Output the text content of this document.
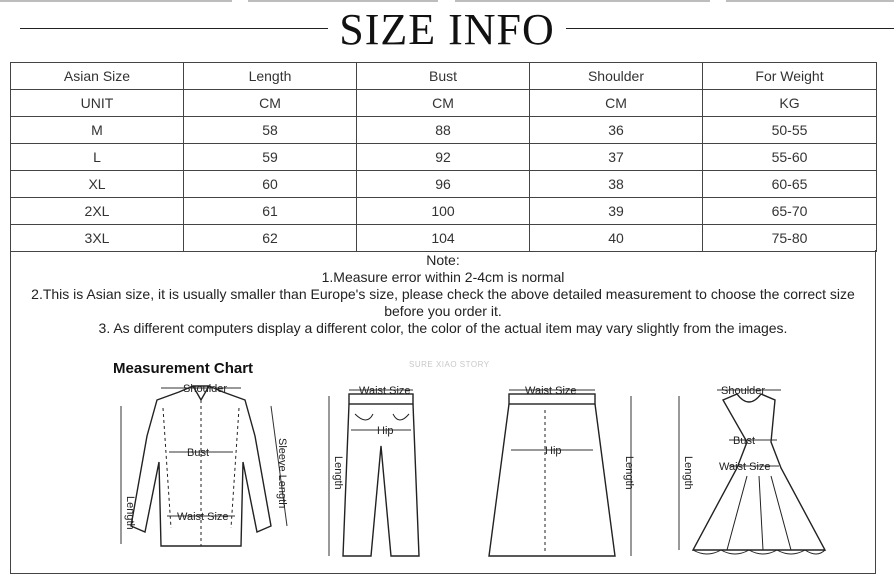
SIZE INFO
Asian Size	Length	Bust	Shoulder	For Weight
UNIT	CM	CM	CM	KG
M	58	88	36	50-55
L	59	92	37	55-60
XL	60	96	38	60-65
2XL	61	100	39	65-70
3XL	62	104	40	75-80
Note:
1.Measure error within 2-4cm is normal
2.This is Asian size, it is usually smaller than Europe's size, please check the above detailed measurement to choose the correct size before you order it.
3. As different computers display a different color, the color of the actual item may vary slightly from the images.
Measurement Chart	SURE XIAO STORY
Shoulder
Bust
Waist Size
Length
Sleeve Length
Waist Size
Hip
Length
Waist Size
Hip
Length
Shoulder
Bust
Waist Size
Length
